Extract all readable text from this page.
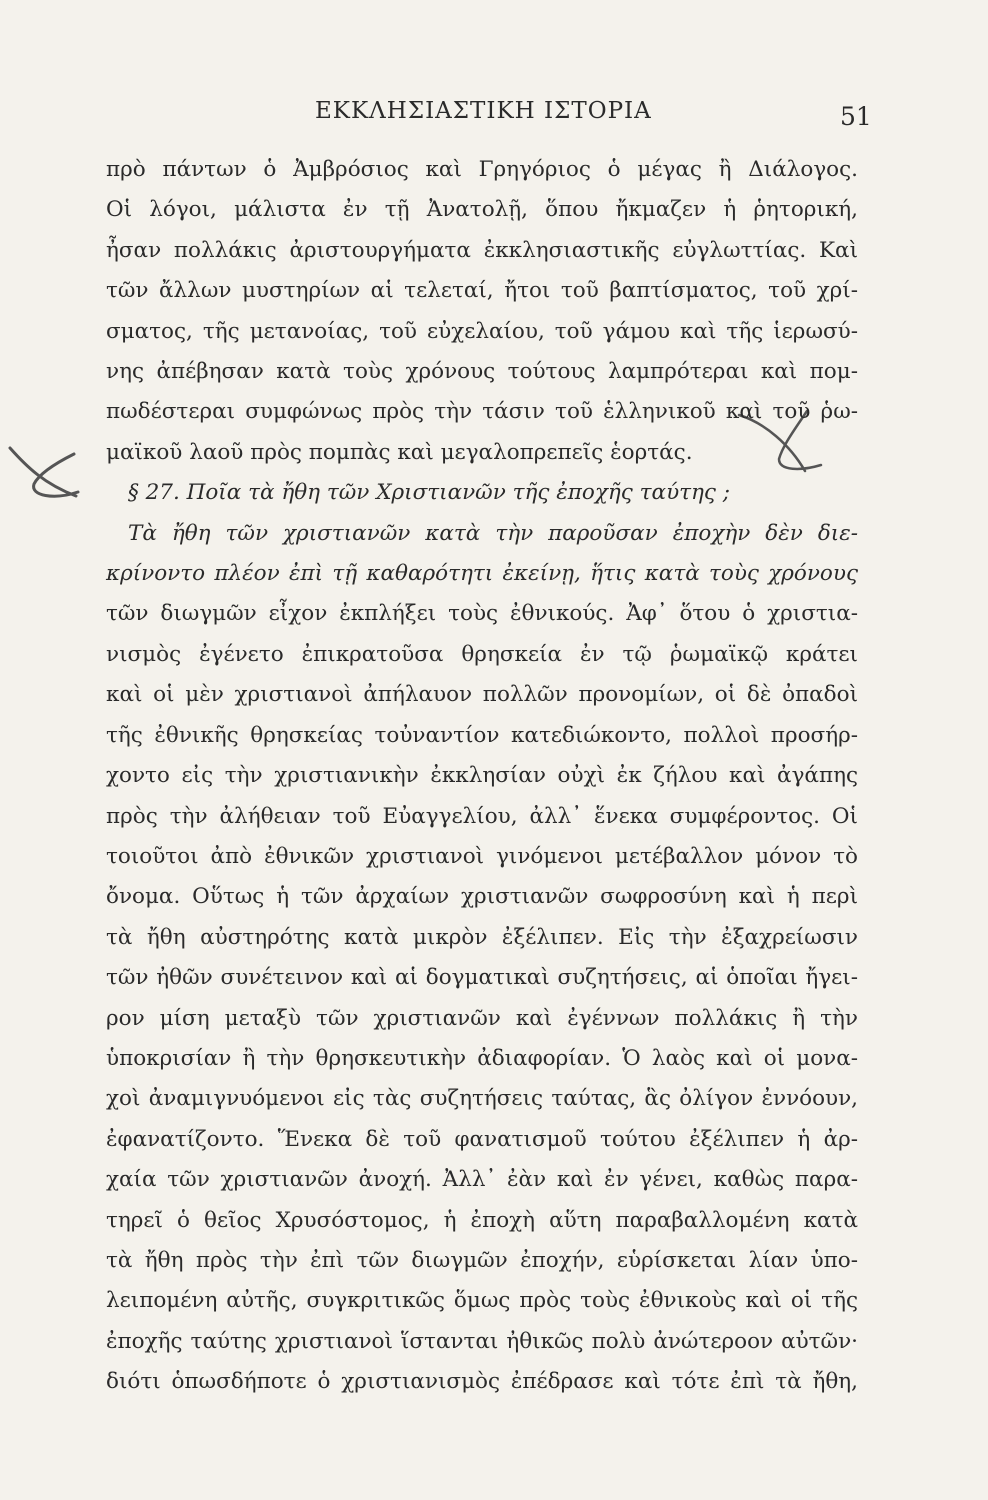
ΕΚΚΛΗΣΙΑΣΤΙΚΗ ΙΣΤΟΡΙΑ	51
πρὸ πάντων ὁ Ἀμβρόσιος καὶ Γρηγόριος ὁ μέγας ἢ Διάλογος.
Οἱ λόγοι, μάλιστα ἐν τῇ Ἀνατολῇ, ὅπου ἤκμαζεν ἡ ῥητορική,
ἦσαν πολλάκις ἀριστουργήματα ἐκκλησιαστικῆς εὐγλωττίας. Καὶ
τῶν ἄλλων μυστηρίων αἱ τελεταί, ἤτοι τοῦ βαπτίσματος, τοῦ χρί-
σματος, τῆς μετανοίας, τοῦ εὐχελαίου, τοῦ γάμου καὶ τῆς ἱερωσύ-
νης ἀπέβησαν κατὰ τοὺς χρόνους τούτους λαμπρότεραι καὶ πομ-
πωδέστεραι συμφώνως πρὸς τὴν τάσιν τοῦ ἑλληνικοῦ καὶ τοῦ ῥω-
μαϊκοῦ λαοῦ πρὸς πομπὰς καὶ μεγαλοπρεπεῖς ἑορτάς.
§ 27. Ποῖα τὰ ἤθη τῶν Χριστιανῶν τῆς ἐποχῆς ταύτης ;
Τὰ ἤθη τῶν χριστιανῶν κατὰ τὴν παροῦσαν ἐποχὴν δὲν διε-
κρίνοντο πλέον ἐπὶ τῇ καθαρότητι ἐκείνῃ, ἥτις κατὰ τοὺς χρόνους
τῶν διωγμῶν εἶχον ἐκπλήξει τοὺς ἐθνικούς. Ἀφ᾽ ὅτου ὁ χριστια-
νισμὸς ἐγένετο ἐπικρατοῦσα θρησκεία ἐν τῷ ῥωμαϊκῷ κράτει
καὶ οἱ μὲν χριστιανοὶ ἀπήλαυον πολλῶν προνομίων, οἱ δὲ ὀπαδοὶ
τῆς ἐθνικῆς θρησκείας τοὐναντίον κατεδιώκοντο, πολλοὶ προσήρ-
χοντο εἰς τὴν χριστιανικὴν ἐκκλησίαν οὐχὶ ἐκ ζήλου καὶ ἀγάπης
πρὸς τὴν ἀλήθειαν τοῦ Εὐαγγελίου, ἀλλ᾽ ἕνεκα συμφέροντος. Οἱ
τοιοῦτοι ἀπὸ ἐθνικῶν χριστιανοὶ γινόμενοι μετέβαλλον μόνον τὸ
ὄνομα. Οὕτως ἡ τῶν ἀρχαίων χριστιανῶν σωφροσύνη καὶ ἡ περὶ
τὰ ἤθη αὐστηρότης κατὰ μικρὸν ἐξέλιπεν. Εἰς τὴν ἐξαχρείωσιν
τῶν ἠθῶν συνέτεινον καὶ αἱ δογματικαὶ συζητήσεις, αἱ ὁποῖαι ἤγει-
ρον μίση μεταξὺ τῶν χριστιανῶν καὶ ἐγέννων πολλάκις ἢ τὴν
ὑποκρισίαν ἢ τὴν θρησκευτικὴν ἀδιαφορίαν. Ὁ λαὸς καὶ οἱ μονα-
χοὶ ἀναμιγνυόμενοι εἰς τὰς συζητήσεις ταύτας, ἃς ὀλίγον ἐννόουν,
ἐφανατίζοντο. Ἕνεκα δὲ τοῦ φανατισμοῦ τούτου ἐξέλιπεν ἡ ἀρ-
χαία τῶν χριστιανῶν ἀνοχή. Ἀλλ᾽ ἐὰν καὶ ἐν γένει, καθὼς παρα-
τηρεῖ ὁ θεῖος Χρυσόστομος, ἡ ἐποχὴ αὕτη παραβαλλομένη κατὰ
τὰ ἤθη πρὸς τὴν ἐπὶ τῶν διωγμῶν ἐποχήν, εὑρίσκεται λίαν ὑπο-
λειπομένη αὐτῆς, συγκριτικῶς ὅμως πρὸς τοὺς ἐθνικοὺς καὶ οἱ τῆς
ἐποχῆς ταύτης χριστιανοὶ ἵστανται ἠθικῶς πολὺ ἀνώτεροον αὐτῶν·
διότι ὁπωσδήποτε ὁ χριστιανισμὸς ἐπέδρασε καὶ τότε ἐπὶ τὰ ἤθη,
